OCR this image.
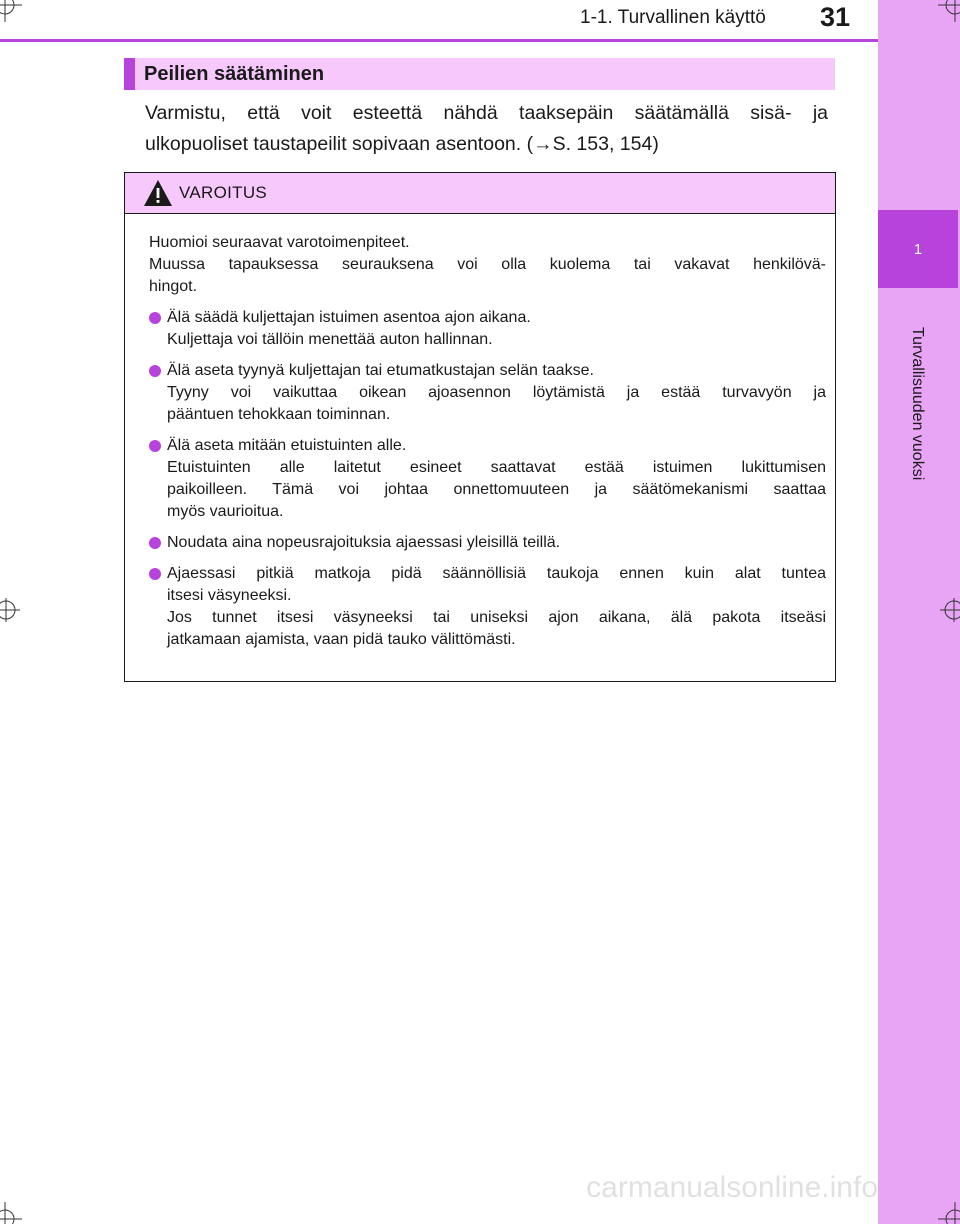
1
Turvallisuuden vuoksi
1-1. Turvallinen käyttö 31
Peilien säätäminen
Varmistu, että voit esteettä nähdä taaksepäin säätämällä sisä- ja
ulkopuoliset taustapeilit sopivaan asentoon. (→S. 153, 154)
VAROITUS
Huomioi seuraavat varotoimenpiteet.
Muussa tapauksessa seurauksena voi olla kuolema tai vakavat henkilövä-
hingot.
Älä säädä kuljettajan istuimen asentoa ajon aikana.
Kuljettaja voi tällöin menettää auton hallinnan.
Älä aseta tyynyä kuljettajan tai etumatkustajan selän taakse.
Tyyny voi vaikuttaa oikean ajoasennon löytämistä ja estää turvavyön ja
pääntuen tehokkaan toiminnan.
Älä aseta mitään etuistuinten alle.
Etuistuinten alle laitetut esineet saattavat estää istuimen lukittumisen
paikoilleen. Tämä voi johtaa onnettomuuteen ja säätömekanismi saattaa
myös vaurioitua.
Noudata aina nopeusrajoituksia ajaessasi yleisillä teillä.
Ajaessasi pitkiä matkoja pidä säännöllisiä taukoja ennen kuin alat tuntea
itsesi väsyneeksi.
Jos tunnet itsesi väsyneeksi tai uniseksi ajon aikana, älä pakota itseäsi
jatkamaan ajamista, vaan pidä tauko välittömästi.
carmanualsonline.info
